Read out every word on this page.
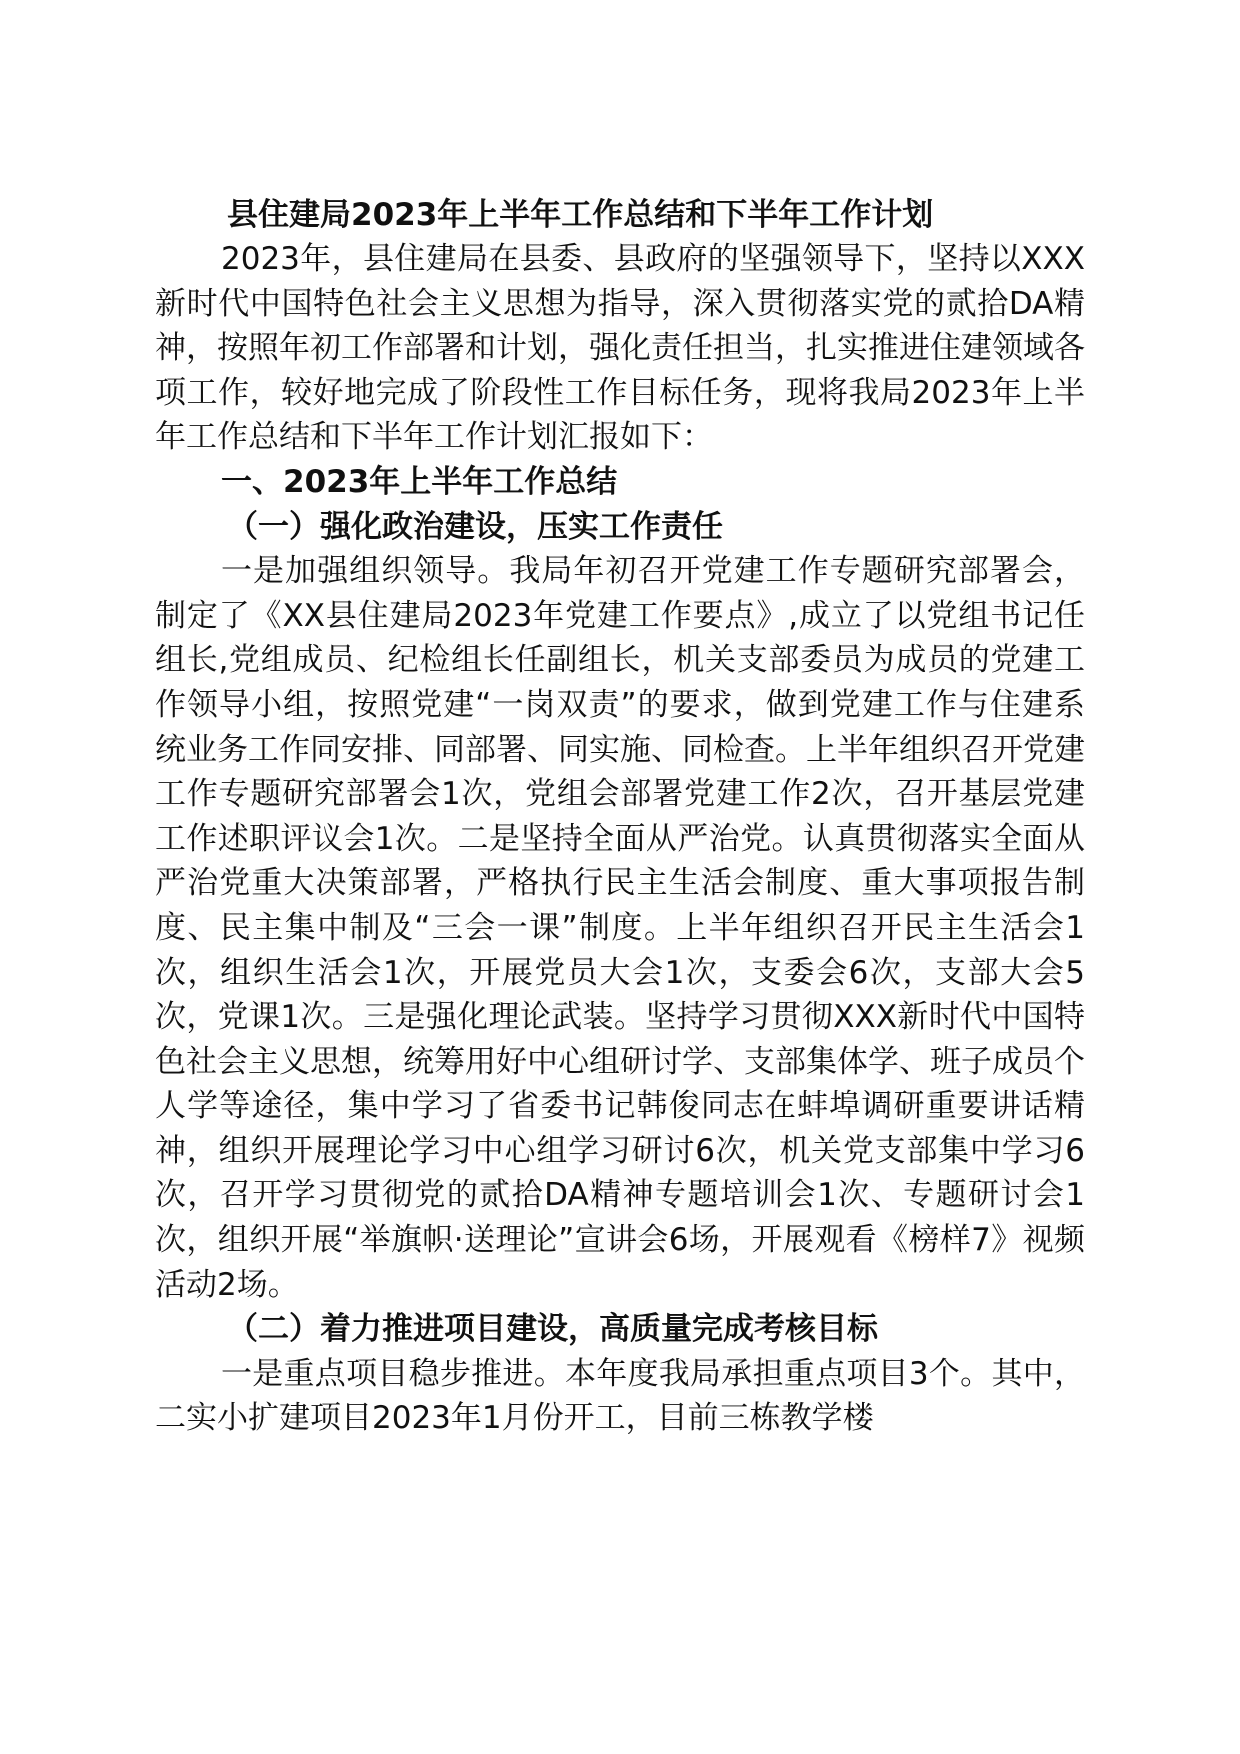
县住建局2023年上半年工作总结和下半年工作计划

2023年，县住建局在县委、县政府的坚强领导下，坚持以XXX新时代中国特色社会主义思想为指导，深入贯彻落实党的贰拾DA精神，按照年初工作部署和计划，强化责任担当，扎实推进住建领域各项工作，较好地完成了阶段性工作目标任务，现将我局2023年上半年工作总结和下半年工作计划汇报如下：

一、2023年上半年工作总结
（一）强化政治建设，压实工作责任

一是加强组织领导。我局年初召开党建工作专题研究部署会，制定了《XX县住建局2023年党建工作要点》,成立了以党组书记任组长,党组成员、纪检组长任副组长，机关支部委员为成员的党建工作领导小组，按照党建“一岗双责”的要求，做到党建工作与住建系统业务工作同安排、同部署、同实施、同检查。上半年组织召开党建工作专题研究部署会1次，党组会部署党建工作2次，召开基层党建工作述职评议会1次。二是坚持全面从严治党。认真贯彻落实全面从严治党重大决策部署，严格执行民主生活会制度、重大事项报告制度、民主集中制及“三会一课”制度。上半年组织召开民主生活会1次，组织生活会1次，开展党员大会1次，支委会6次，支部大会5次，党课1次。三是强化理论武装。坚持学习贯彻XXX新时代中国特色社会主义思想，统筹用好中心组研讨学、支部集体学、班子成员个人学等途径，集中学习了省委书记韩俊同志在蚌埠调研重要讲话精神，组织开展理论学习中心组学习研讨6次，机关党支部集中学习6次，召开学习贯彻党的贰拾DA精神专题培训会1次、专题研讨会1次，组织开展“举旗帜·送理论”宣讲会6场，开展观看《榜样7》视频活动2场。

（二）着力推进项目建设，高质量完成考核目标

一是重点项目稳步推进。本年度我局承担重点项目3个。其中，二实小扩建项目2023年1月份开工，目前三栋教学楼
